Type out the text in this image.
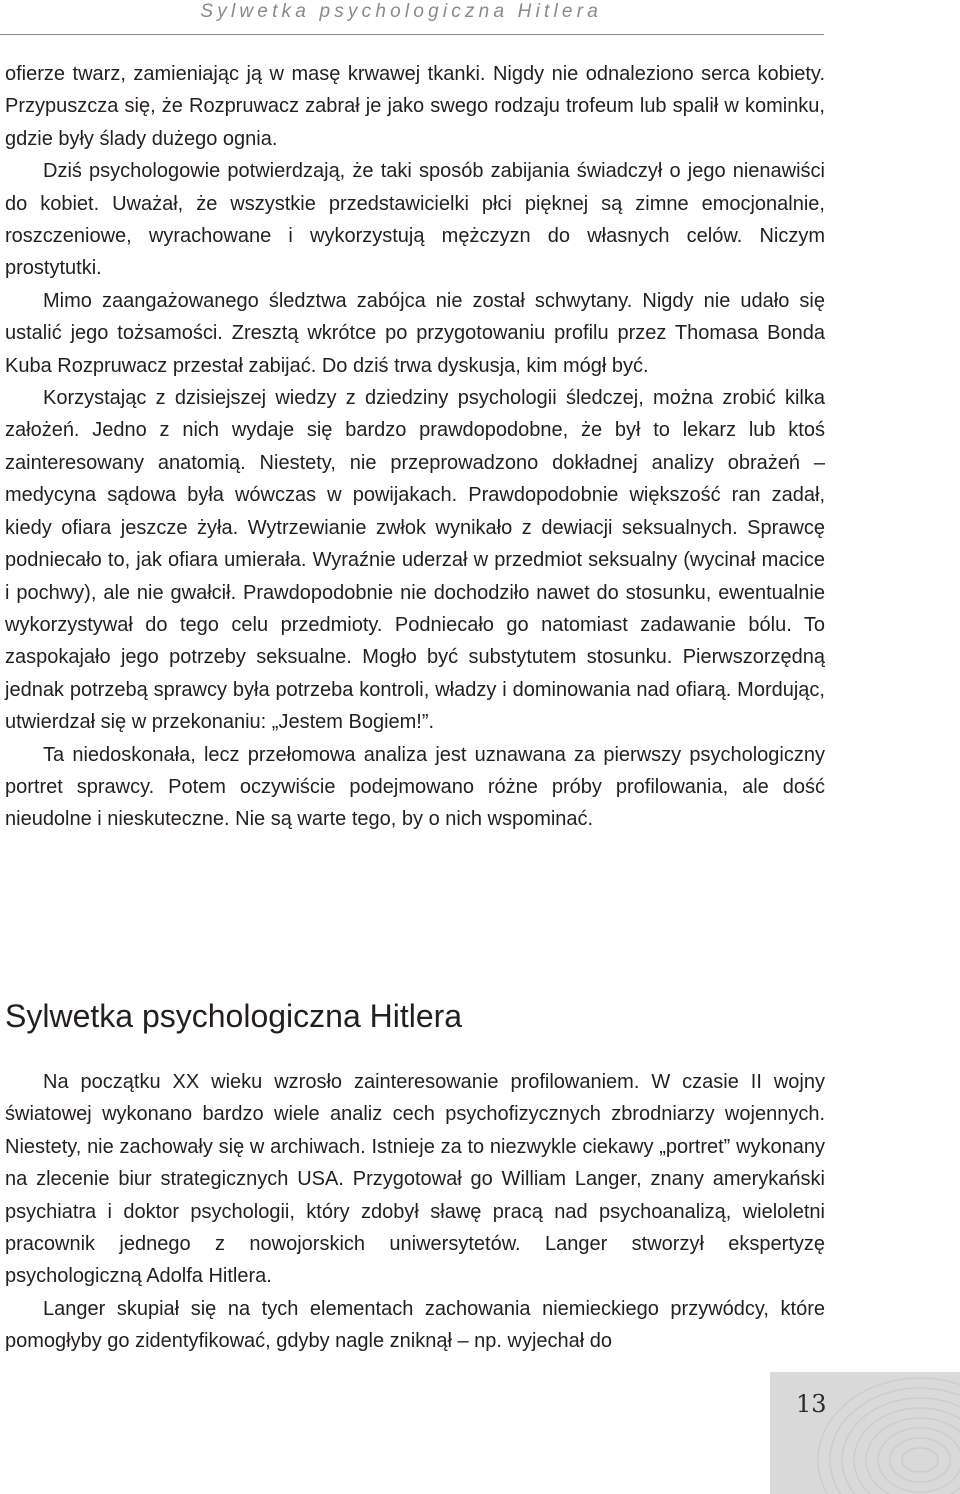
Sylwetka psychologiczna Hitlera

ofierze twarz, zamieniając ją w masę krwawej tkanki. Nigdy nie odnaleziono serca kobiety. Przypuszcza się, że Rozpruwacz zabrał je jako swego rodzaju trofeum lub spalił w kominku, gdzie były ślady dużego ognia.

Dziś psychologowie potwierdzają, że taki sposób zabijania świadczył o jego nienawiści do kobiet. Uważał, że wszystkie przedstawicielki płci pięknej są zimne emocjonalnie, roszczeniowe, wyrachowane i wykorzystują mężczyzn do własnych celów. Niczym prostytutki.

Mimo zaangażowanego śledztwa zabójca nie został schwytany. Nigdy nie udało się ustalić jego tożsamości. Zresztą wkrótce po przygotowaniu profilu przez Thomasa Bonda Kuba Rozpruwacz przestał zabijać. Do dziś trwa dyskusja, kim mógł być.

Korzystając z dzisiejszej wiedzy z dziedziny psychologii śledczej, można zrobić kilka założeń. Jedno z nich wydaje się bardzo prawdopodobne, że był to lekarz lub ktoś zainteresowany anatomią. Niestety, nie przeprowadzono dokładnej analizy obrażeń – medycyna sądowa była wówczas w powijakach. Prawdopodobnie większość ran zadał, kiedy ofiara jeszcze żyła. Wytrzewianie zwłok wynikało z dewiacji seksualnych. Sprawcę podniecało to, jak ofiara umierała. Wyraźnie uderzał w przedmiot seksualny (wycinał macice i pochwy), ale nie gwałcił. Prawdopodobnie nie dochodziło nawet do stosunku, ewentualnie wykorzystywał do tego celu przedmioty. Podniecało go natomiast zadawanie bólu. To zaspokajało jego potrzeby seksualne. Mogło być substytutem stosunku. Pierwszorzędną jednak potrzebą sprawcy była potrzeba kontroli, władzy i dominowania nad ofiarą. Mordując, utwierdzał się w przekonaniu: „Jestem Bogiem!”.

Ta niedoskonała, lecz przełomowa analiza jest uznawana za pierwszy psychologiczny portret sprawcy. Potem oczywiście podejmowano różne próby profilowania, ale dość nieudolne i nieskuteczne. Nie są warte tego, by o nich wspominać.

Sylwetka psychologiczna Hitlera

Na początku XX wieku wzrosło zainteresowanie profilowaniem. W czasie II wojny światowej wykonano bardzo wiele analiz cech psychofizycznych zbrodniarzy wojennych. Niestety, nie zachowały się w archiwach. Istnieje za to niezwykle ciekawy „portret” wykonany na zlecenie biur strategicznych USA. Przygotował go William Langer, znany amerykański psychiatra i doktor psychologii, który zdobył sławę pracą nad psychoanalizą, wieloletni pracownik jednego z nowojorskich uniwersytetów. Langer stworzył ekspertyzę psychologiczną Adolfa Hitlera.

Langer skupiał się na tych elementach zachowania niemieckiego przywódcy, które pomogłyby go zidentyfikować, gdyby nagle zniknął – np. wyjechał do

13
